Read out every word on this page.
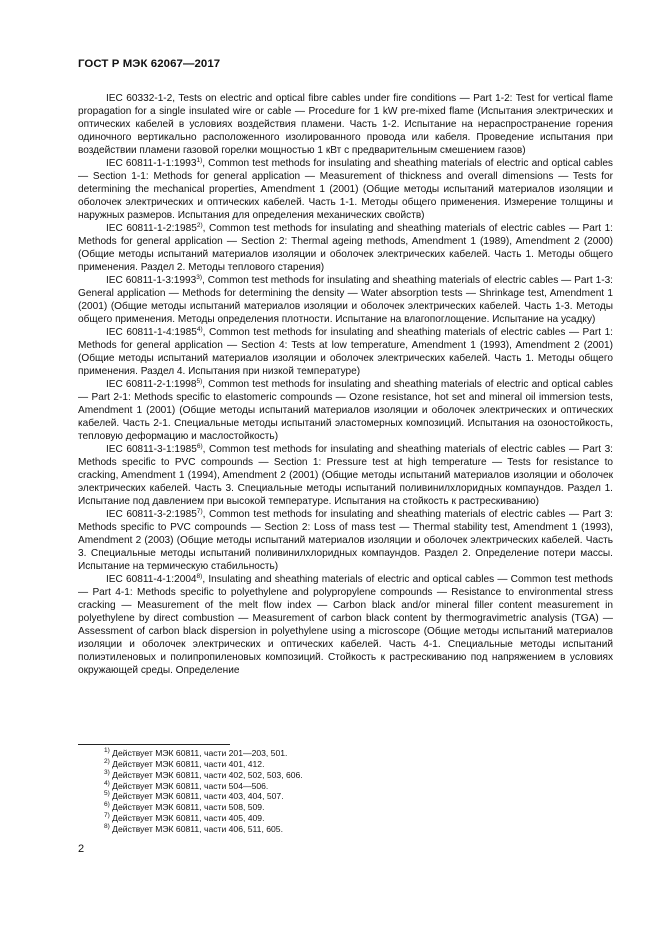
ГОСТ Р МЭК 62067—2017

IEC 60332-1-2, Tests on electric and optical fibre cables under fire conditions — Part 1-2: Test for vertical flame propagation for a single insulated wire or cable — Procedure for 1 kW pre-mixed flame (Испытания электрических и оптических кабелей в условиях воздействия пламени. Часть 1-2. Испытание на нераспространение горения одиночного вертикально расположенного изолированного провода или кабеля. Проведение испытания при воздействии пламени газовой горелки мощностью 1 кВт с предварительным смешением газов)

IEC 60811-1-1:1993$^{1)}$, Common test methods for insulating and sheathing materials of electric and optical cables — Section 1-1: Methods for general application — Measurement of thickness and overall dimensions — Tests for determining the mechanical properties, Amendment 1 (2001) (Общие методы испытаний материалов изоляции и оболочек электрических и оптических кабелей. Часть 1-1. Методы общего применения. Измерение толщины и наружных размеров. Испытания для определения механических свойств)

IEC 60811-1-2:1985$^{2)}$, Common test methods for insulating and sheathing materials of electric cables — Part 1: Methods for general application — Section 2: Thermal ageing methods, Amendment 1 (1989), Amendment 2 (2000) (Общие методы испытаний материалов изоляции и оболочек электрических кабелей. Часть 1. Методы общего применения. Раздел 2. Методы теплового старения)

IEC 60811-1-3:1993$^{3)}$, Common test methods for insulating and sheathing materials of electric cables — Part 1-3: General application — Methods for determining the density — Water absorption tests — Shrinkage test, Amendment 1 (2001) (Общие методы испытаний материалов изоляции и оболочек электрических кабелей. Часть 1-3. Методы общего применения. Методы определения плотности. Испытание на влагопоглощение. Испытание на усадку)

IEC 60811-1-4:1985$^{4)}$, Common test methods for insulating and sheathing materials of electric cables — Part 1: Methods for general application — Section 4: Tests at low temperature, Amendment 1 (1993), Amendment 2 (2001) (Общие методы испытаний материалов изоляции и оболочек электрических кабелей. Часть 1. Методы общего применения. Раздел 4. Испытания при низкой температуре)

IEC 60811-2-1:1998$^{5)}$, Common test methods for insulating and sheathing materials of electric and optical cables — Part 2-1: Methods specific to elastomeric compounds — Ozone resistance, hot set and mineral oil immersion tests, Amendment 1 (2001) (Общие методы испытаний материалов изоляции и оболочек электрических и оптических кабелей. Часть 2-1. Специальные методы испытаний эластомерных композиций. Испытания на озоностойкость, тепловую деформацию и маслостойкость)

IEC 60811-3-1:1985$^{6)}$, Common test methods for insulating and sheathing materials of electric cables — Part 3: Methods specific to PVC compounds — Section 1: Pressure test at high temperature — Tests for resistance to cracking, Amendment 1 (1994), Amendment 2 (2001) (Общие методы испытаний материалов изоляции и оболочек электрических кабелей. Часть 3. Специальные методы испытаний поливинилхлоридных компаундов. Раздел 1. Испытание под давлением при высокой температуре. Испытания на стойкость к растрескиванию)

IEC 60811-3-2:1985$^{7)}$, Common test methods for insulating and sheathing materials of electric cables — Part 3: Methods specific to PVC compounds — Section 2: Loss of mass test — Thermal stability test, Amendment 1 (1993), Amendment 2 (2003) (Общие методы испытаний материалов изоляции и оболочек электрических кабелей. Часть 3. Специальные методы испытаний поливинилхлоридных компаундов. Раздел 2. Определение потери массы. Испытание на термическую стабильность)

IEC 60811-4-1:2004$^{8)}$, Insulating and sheathing materials of electric and optical cables — Common test methods — Part 4-1: Methods specific to polyethylene and polypropylene compounds — Resistance to environmental stress cracking — Measurement of the melt flow index — Carbon black and/or mineral filler content measurement in polyethylene by direct combustion — Measurement of carbon black content by thermogravimetric analysis (TGA) — Assessment of carbon black dispersion in polyethylene using a microscope (Общие методы испытаний материалов изоляции и оболочек электрических и оптических кабелей. Часть 4-1. Специальные методы испытаний полиэтиленовых и полипропиленовых композиций. Стойкость к растрескиванию под напряжением в условиях окружающей среды. Определение

$^{1)}$ Действует МЭК 60811, части 201—203, 501.

$^{2)}$ Действует МЭК 60811, части 401, 412.

$^{3)}$ Действует МЭК 60811, части 402, 502, 503, 606.

$^{4)}$ Действует МЭК 60811, части 504—506.

$^{5)}$ Действует МЭК 60811, части 403, 404, 507.

$^{6)}$ Действует МЭК 60811, части 508, 509.

$^{7)}$ Действует МЭК 60811, части 405, 409.

$^{8)}$ Действует МЭК 60811, части 406, 511, 605.

2
